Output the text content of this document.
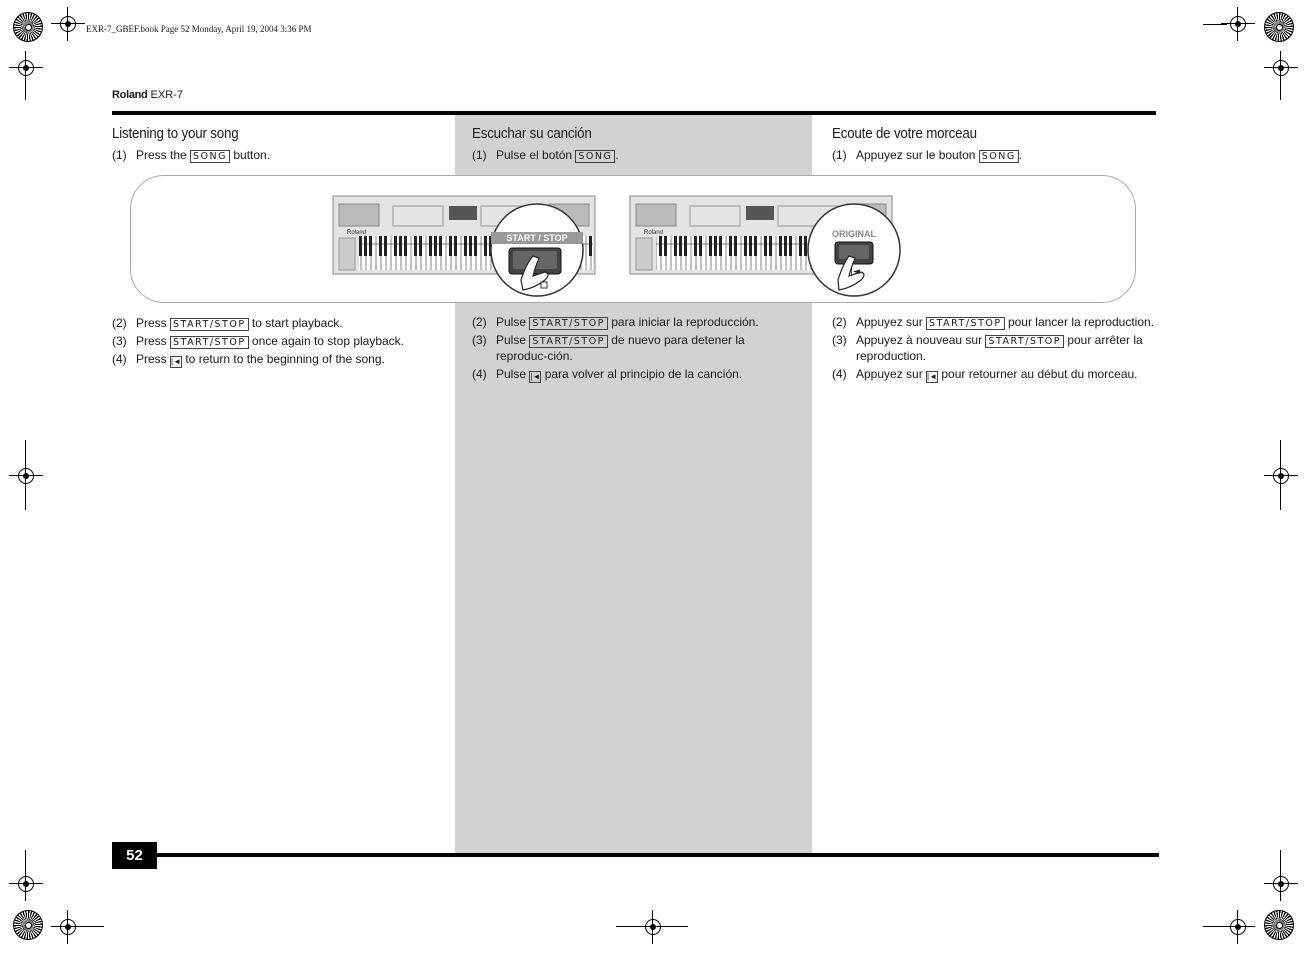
EXR-7_GBEF.book Page 52 Monday, April 19, 2004 3:36 PM
Roland EXR-7
Listening to your song
(1) Press the SONG button.
Escuchar su canción
(1) Pulse el botón SONG .
Ecoute de votre morceau
(1) Appuyez sur le bouton SONG .
Roland	START / STOP	Roland	ORIGINAL
|◄
(2) Press START/STOP to start playback.
(3) Press START/STOP once again to stop playback.
(4) Press |◄ to return to the beginning of the song.
(2) Pulse START/STOP para iniciar la reproducción.
(3) Pulse START/STOP de nuevo para detener la reproduc-ción.
(4) Pulse |◄ para volver al principio de la canción.
(2) Appuyez sur START/STOP pour lancer la reproduction.
(3) Appuyez à nouveau sur START/STOP pour arrêter la reproduction.
(4) Appuyez sur |◄ pour retourner au début du morceau.
52
